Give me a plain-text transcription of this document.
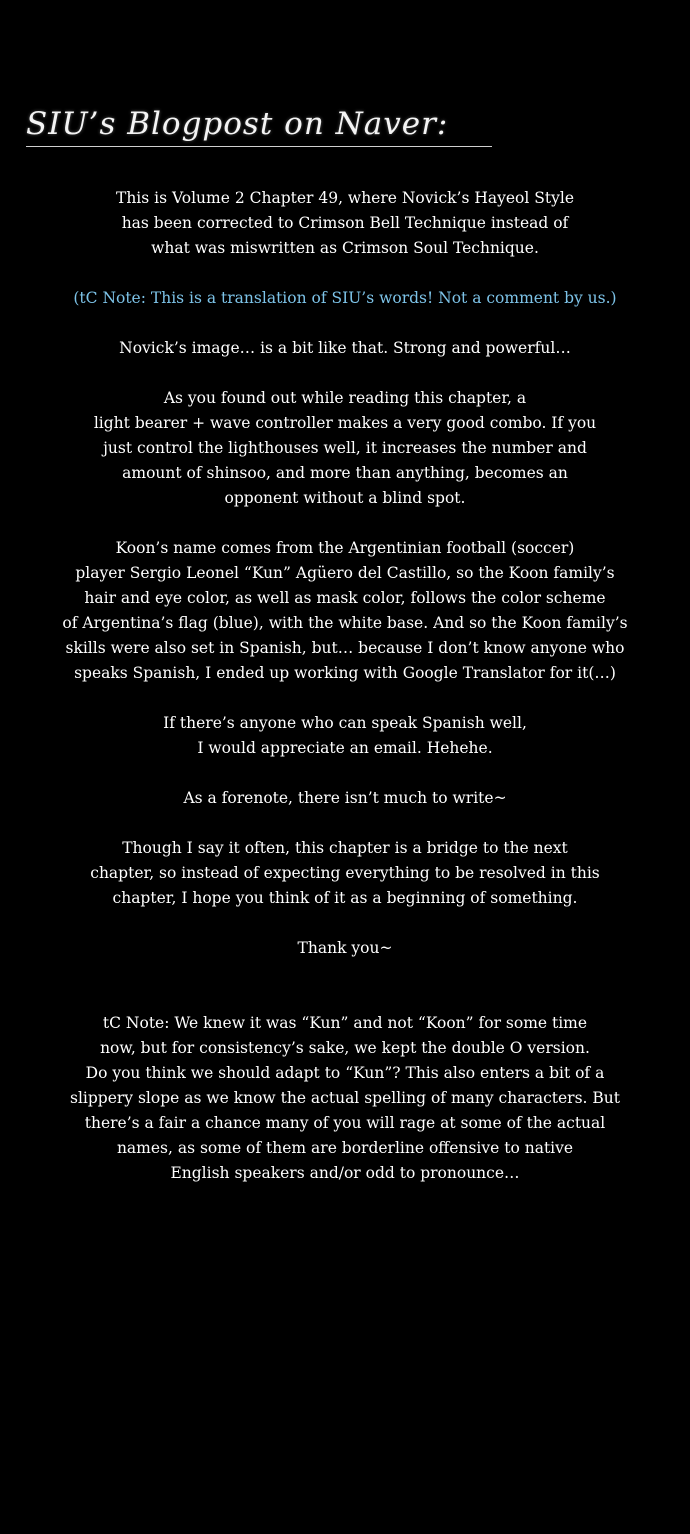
SIU’s Blogpost on Naver:
This is Volume 2 Chapter 49, where Novick’s Hayeol Style
has been corrected to Crimson Bell Technique instead of
what was miswritten as Crimson Soul Technique.
(tC Note: This is a translation of SIU’s words! Not a comment by us.)
Novick’s image… is a bit like that. Strong and powerful…
As you found out while reading this chapter, a
light bearer + wave controller makes a very good combo. If you
just control the lighthouses well, it increases the number and
amount of shinsoo, and more than anything, becomes an
opponent without a blind spot.
Koon’s name comes from the Argentinian football (soccer)
player Sergio Leonel “Kun” Agüero del Castillo, so the Koon family’s
hair and eye color, as well as mask color, follows the color scheme
of Argentina’s flag (blue), with the white base. And so the Koon family’s
skills were also set in Spanish, but… because I don’t know anyone who
speaks Spanish, I ended up working with Google Translator for it(…)
If there’s anyone who can speak Spanish well,
I would appreciate an email. Hehehe.
As a forenote, there isn’t much to write~
Though I say it often, this chapter is a bridge to the next
chapter, so instead of expecting everything to be resolved in this
chapter, I hope you think of it as a beginning of something.
Thank you~
tC Note: We knew it was “Kun” and not “Koon” for some time
now, but for consistency’s sake, we kept the double O version.
Do you think we should adapt to “Kun”? This also enters a bit of a
slippery slope as we know the actual spelling of many characters. But
there’s a fair a chance many of you will rage at some of the actual
names, as some of them are borderline offensive to native
English speakers and/or odd to pronounce…
